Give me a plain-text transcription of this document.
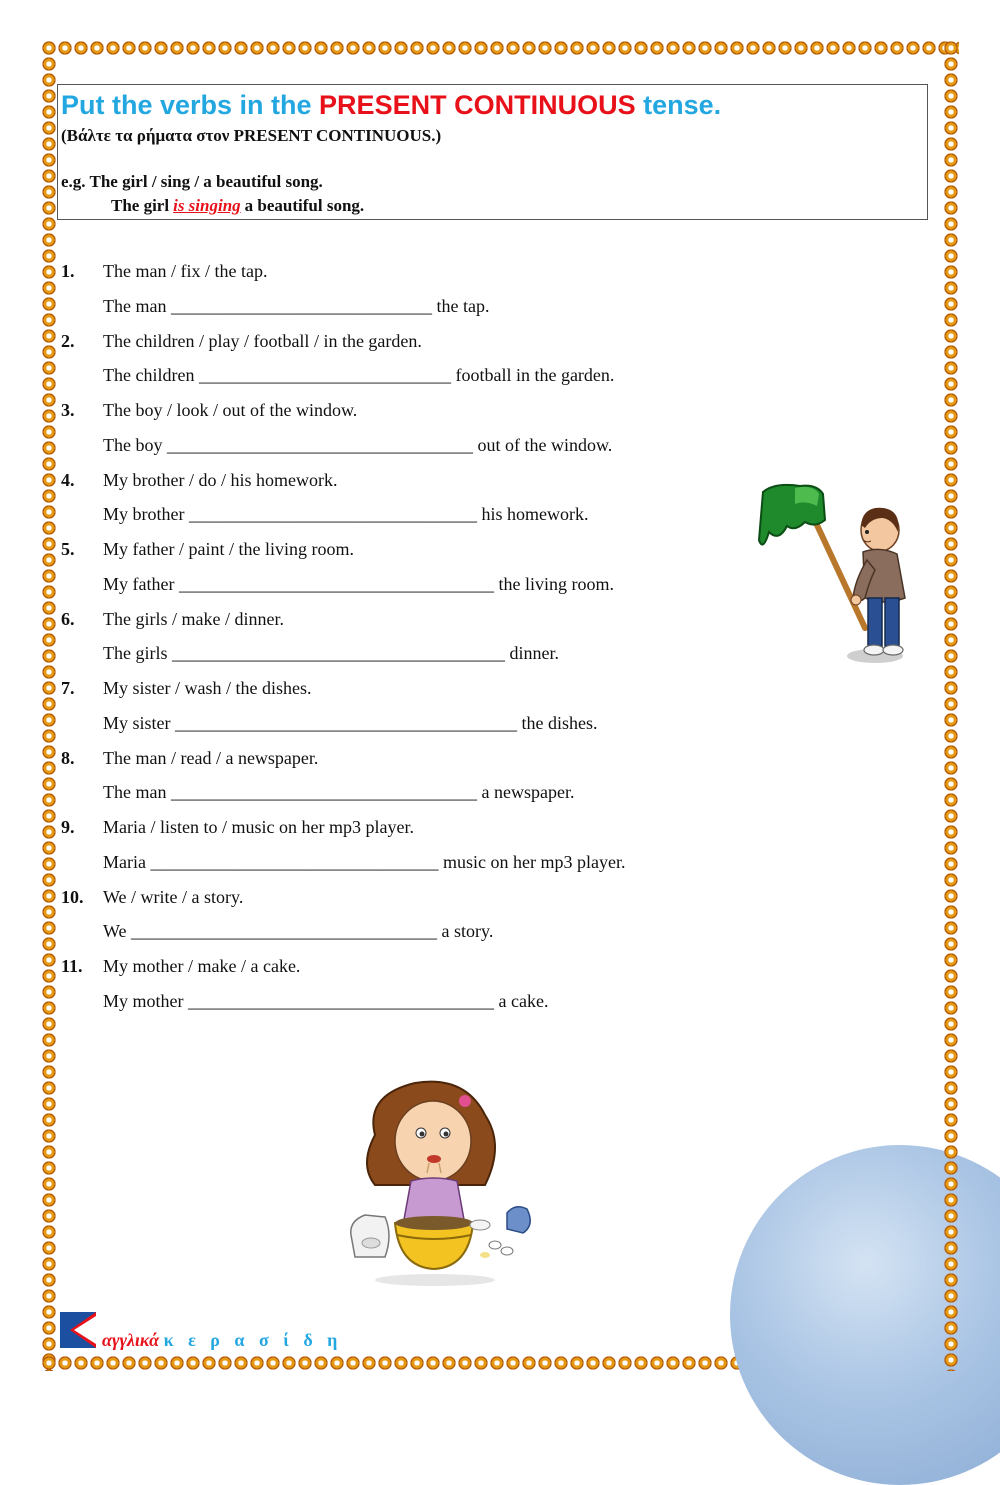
Put the verbs in the PRESENT CONTINUOUS tense.
(Βάλτε τα ρήματα στον PRESENT CONTINUOUS.)
e.g. The girl / sing / a beautiful song.
The girl is singing a beautiful song.
1. The man / fix / the tap.
The man _____________________________ the tap.
2. The children / play / football / in the garden.
The children ____________________________ football in the garden.
3. The boy / look / out of the window.
The boy __________________________________ out of the window.
4. My brother / do / his homework.
My brother ________________________________ his homework.
5. My father / paint / the living room.
My father ___________________________________ the living room.
6. The girls / make / dinner.
The girls _____________________________________ dinner.
7. My sister / wash / the dishes.
My sister ______________________________________ the dishes.
8. The man / read / a newspaper.
The man __________________________________ a newspaper.
9. Maria / listen to / music on her mp3 player.
Maria ________________________________ music on her mp3 player.
10. We / write / a story.
We __________________________________ a story.
11. My mother / make / a cake.
My mother __________________________________ a cake.
αγγλικά κ ε ρ α σ ί δ η
